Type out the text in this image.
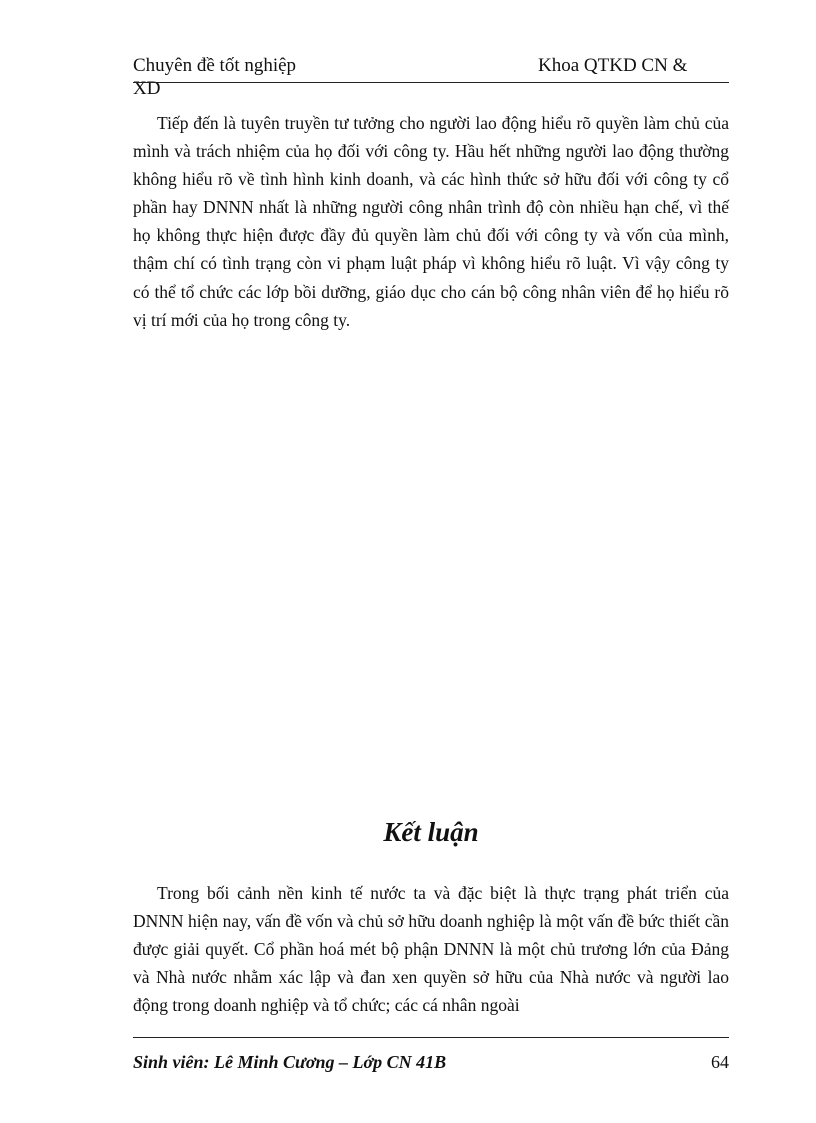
Chuyên đề tốt nghiệp	Khoa QTKD CN &
XD

Tiếp đến là tuyên truyền tư tưởng cho người lao động hiểu rõ quyền làm chủ của mình và trách nhiệm của họ đối với công ty. Hầu hết những người lao động thường không hiểu rõ về tình hình kinh doanh, và các hình thức sở hữu đối với công ty cổ phần hay DNNN nhất là những người công nhân trình độ còn nhiều hạn chế, vì thế họ không thực hiện được đầy đủ quyền làm chủ đối với công ty và vốn của mình, thậm chí có tình trạng còn vi phạm luật pháp vì không hiểu rõ luật. Vì vậy công ty có thể tổ chức các lớp bồi dưỡng, giáo dục cho cán bộ công nhân viên để họ hiểu rõ vị trí mới của họ trong công ty.

Kết luận

Trong bối cảnh nền kinh tế nước ta và đặc biệt là thực trạng phát triển của DNNN hiện nay, vấn đề vốn và chủ sở hữu doanh nghiệp là một vấn đề bức thiết cần được giải quyết. Cổ phần hoá mét bộ phận DNNN là một chủ trương lớn của Đảng và Nhà nước nhằm xác lập và đan xen quyền sở hữu của Nhà nước và người lao động trong doanh nghiệp và tổ chức; các cá nhân ngoài

Sinh viên: Lê Minh Cương – Lớp CN 41B	64
